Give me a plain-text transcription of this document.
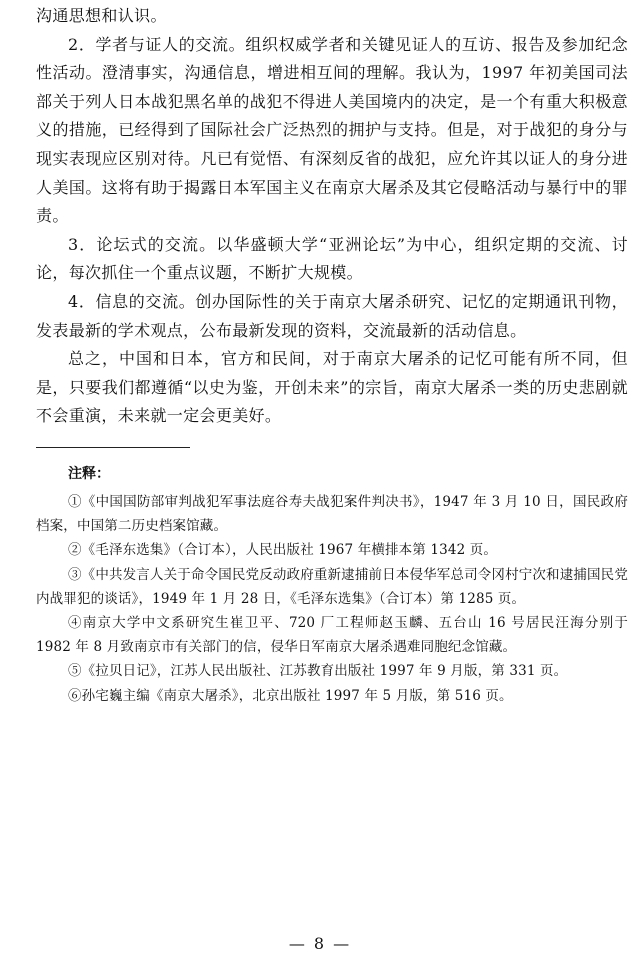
沟通思想和认识。

2．学者与证人的交流。组织权威学者和关键见证人的互访、报告及参加纪念性活动。澄清事实，沟通信息，增进相互间的理解。我认为，1997 年初美国司法部关于列人日本战犯黑名单的战犯不得进人美国境内的决定，是一个有重大积极意义的措施，已经得到了国际社会广泛热烈的拥护与支持。但是，对于战犯的身分与现实表现应区别对待。凡已有觉悟、有深刻反省的战犯，应允许其以证人的身分进人美国。这将有助于揭露日本军国主义在南京大屠杀及其它侵略活动与暴行中的罪责。

3．论坛式的交流。以华盛顿大学“亚洲论坛”为中心，组织定期的交流、讨论，每次抓住一个重点议题，不断扩大规模。

4．信息的交流。创办国际性的关于南京大屠杀研究、记忆的定期通讯刊物，发表最新的学术观点，公布最新发现的资料，交流最新的活动信息。

总之，中国和日本，官方和民间，对于南京大屠杀的记忆可能有所不同，但是，只要我们都遵循“以史为鉴，开创未来”的宗旨，南京大屠杀一类的历史悲剧就不会重演，未来就一定会更美好。

注释：

①《中国国防部审判战犯军事法庭谷寿夫战犯案件判决书》，1947 年 3 月 10 日，国民政府档案，中国第二历史档案馆藏。

②《毛泽东选集》（合订本），人民出版社 1967 年横排本第 1342 页。

③《中共发言人关于命令国民党反动政府重新逮捕前日本侵华军总司令冈村宁次和逮捕国民党内战罪犯的谈话》，1949 年 1 月 28 日，《毛泽东选集》（合订本）第 1285 页。

④南京大学中文系研究生崔卫平、720 厂工程师赵玉麟、五台山 16 号居民汪海分别于 1982 年 8 月致南京市有关部门的信，侵华日军南京大屠杀遇难同胞纪念馆藏。

⑤《拉贝日记》，江苏人民出版社、江苏教育出版社 1997 年 9 月版，第 331 页。

⑥孙宅巍主编《南京大屠杀》，北京出版社 1997 年 5 月版，第 516 页。

— 8 —
